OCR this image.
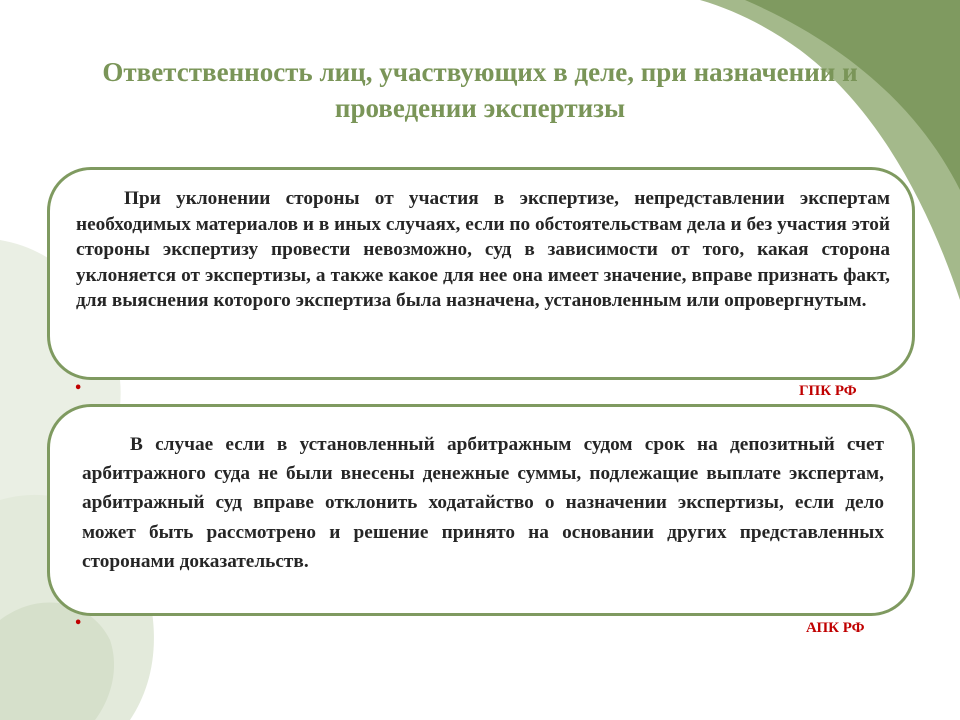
Ответственность лиц, участвующих в деле, при назначении и проведении экспертизы

При уклонении стороны от участия в экспертизе, непредставлении экспертам необходимых материалов и в иных случаях, если по обстоятельствам дела и без участия этой стороны экспертизу провести невозможно, суд в зависимости от того, какая сторона уклоняется от экспертизы, а также какое для нее она имеет значение, вправе признать факт, для выяснения которого экспертиза была назначена, установленным или опровергнутым.

•	ГПК РФ

В случае если в установленный арбитражным судом срок на депозитный счет арбитражного суда не были внесены денежные суммы, подлежащие выплате экспертам, арбитражный суд вправе отклонить ходатайство о назначении экспертизы, если дело может быть рассмотрено и решение принято на основании других представленных сторонами доказательств.

•	АПК РФ
